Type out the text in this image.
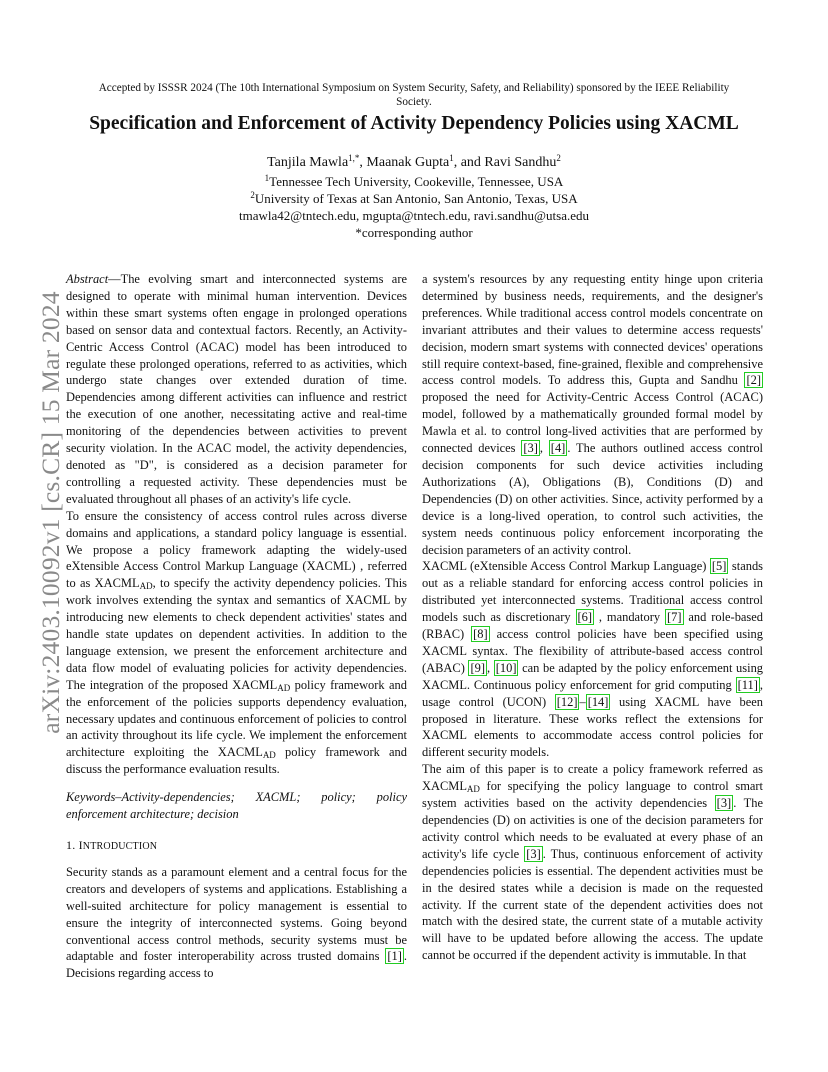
arXiv:2403.10092v1 [cs.CR] 15 Mar 2024
Accepted by ISSSR 2024 (The 10th International Symposium on System Security, Safety, and Reliability) sponsored by the IEEE Reliability Society.
Specification and Enforcement of Activity Dependency Policies using XACML
Tanjila Mawla$^{1,*}$, Maanak Gupta$^1$, and Ravi Sandhu$^2$
$^1$Tennessee Tech University, Cookeville, Tennessee, USA
$^2$University of Texas at San Antonio, San Antonio, Texas, USA
tmawla42@tntech.edu, mgupta@tntech.edu, ravi.sandhu@utsa.edu
*corresponding author

Abstract—The evolving smart and interconnected systems are designed to operate with minimal human intervention. Devices within these smart systems often engage in prolonged operations based on sensor data and contextual factors. Recently, an Activity-Centric Access Control (ACAC) model has been introduced to regulate these prolonged operations, referred to as activities, which undergo state changes over extended duration of time. Dependencies among different activities can influence and restrict the execution of one another, necessitating active and real-time monitoring of the dependencies between activities to prevent security violation. In the ACAC model, the activity dependencies, denoted as "D", is considered as a decision parameter for controlling a requested activity. These dependencies must be evaluated throughout all phases of an activity's life cycle.

To ensure the consistency of access control rules across diverse domains and applications, a standard policy language is essential. We propose a policy framework adapting the widely-used eXtensible Access Control Markup Language (XACML) , referred to as $XACML_{AD}$, to specify the activity dependency policies. This work involves extending the syntax and semantics of XACML by introducing new elements to check dependent activities' states and handle state updates on dependent activities. In addition to the language extension, we present the enforcement architecture and data flow model of evaluating policies for activity dependencies. The integration of the proposed $XACML_{AD}$ policy framework and the enforcement of the policies supports dependency evaluation, necessary updates and continuous enforcement of policies to control an activity throughout its life cycle. We implement the enforcement architecture exploiting the $XACML_{AD}$ policy framework and discuss the performance evaluation results.

Keywords–Activity-dependencies; XACML; policy; policy enforcement architecture; decision

1. INTRODUCTION

Security stands as a paramount element and a central focus for the creators and developers of systems and applications. Establishing a well-suited architecture for policy management is essential to ensure the integrity of interconnected systems. Going beyond conventional access control methods, security systems must be adaptable and foster interoperability across trusted domains [1] . Decisions regarding access to

a system's resources by any requesting entity hinge upon criteria determined by business needs, requirements, and the designer's preferences. While traditional access control models concentrate on invariant attributes and their values to determine access requests' decision, modern smart systems with connected devices' operations still require context-based, fine-grained, flexible and comprehensive access control models. To address this, Gupta and Sandhu [2] proposed the need for Activity-Centric Access Control (ACAC) model, followed by a mathematically grounded formal model by Mawla et al. to control long-lived activities that are performed by connected devices [3] , [4] . The authors outlined access control decision components for such device activities including Authorizations (A), Obligations (B), Conditions (D) and Dependencies (D) on other activities. Since, activity performed by a device is a long-lived operation, to control such activities, the system needs continuous policy enforcement incorporating the decision parameters of an activity control.

XACML (eXtensible Access Control Markup Language) [5] stands out as a reliable standard for enforcing access control policies in distributed yet interconnected systems. Traditional access control models such as discretionary [6] , mandatory [7] and role-based (RBAC) [8] access control policies have been specified using XACML syntax. The flexibility of attribute-based access control (ABAC) [9] , [10] can be adapted by the policy enforcement using XACML. Continuous policy enforcement for grid computing [11] , usage control (UCON) [12] – [14] using XACML have been proposed in literature. These works reflect the extensions for XACML elements to accommodate access control policies for different security models.

The aim of this paper is to create a policy framework referred as $XACML_{AD}$ for specifying the policy language to control smart system activities based on the activity dependencies [3] . The dependencies (D) on activities is one of the decision parameters for activity control which needs to be evaluated at every phase of an activity's life cycle [3] . Thus, continuous enforcement of activity dependencies policies is essential. The dependent activities must be in the desired states while a decision is made on the requested activity. If the current state of the dependent activities does not match with the desired state, the current state of a mutable activity will have to be updated before allowing the access. The update cannot be occurred if the dependent activity is immutable. In that
